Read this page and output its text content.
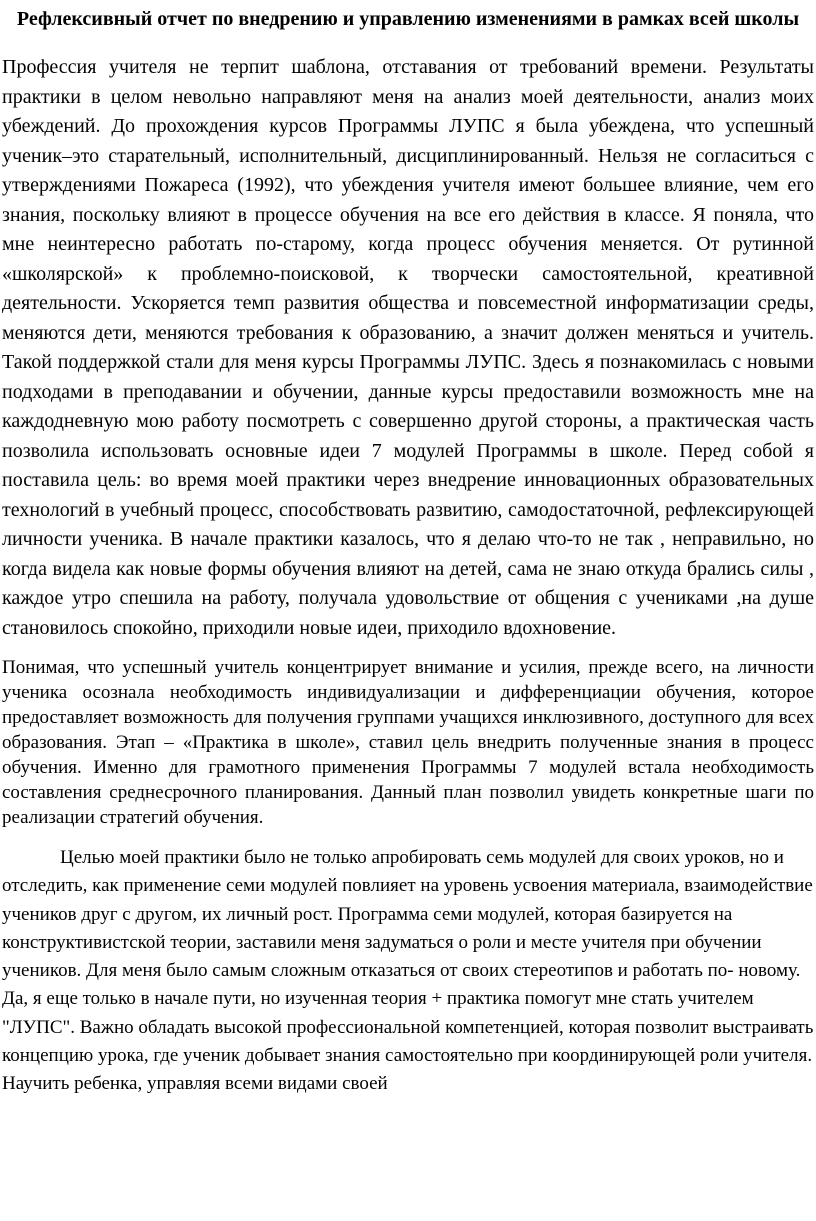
Рефлексивный отчет по внедрению и управлению изменениями в рамках всей школы

Профессия учителя не терпит шаблона, отставания от требований времени. Результаты практики в целом невольно направляют меня на анализ моей деятельности, анализ моих убеждений. До прохождения курсов Программы ЛУПС я была убеждена, что успешный ученик–это старательный, исполнительный, дисциплинированный. Нельзя не согласиться с утверждениями Пожареса (1992), что убеждения учителя имеют большее влияние, чем его знания, поскольку влияют в процессе обучения на все его действия в классе. Я поняла, что мне неинтересно работать по-старому, когда процесс обучения меняется. От рутинной «школярской» к проблемно-поисковой, к творчески самостоятельной, креативной деятельности. Ускоряется темп развития общества и повсеместной информатизации среды, меняются дети, меняются требования к образованию, а значит должен меняться и учитель. Такой поддержкой стали для меня курсы Программы ЛУПС. Здесь я познакомилась с новыми подходами в преподавании и обучении, данные курсы предоставили возможность мне на каждодневную мою работу посмотреть с совершенно другой стороны, а практическая часть позволила использовать основные идеи 7 модулей Программы в школе. Перед собой я поставила цель: во время моей практики через внедрение инновационных образовательных технологий в учебный процесс, способствовать развитию, самодостаточной, рефлексирующей личности ученика. В начале практики казалось, что я делаю что-то не так , неправильно, но когда видела как новые формы обучения влияют на детей, сама не знаю откуда брались силы , каждое утро спешила на работу, получала удовольствие от общения с учениками ,на душе становилось спокойно, приходили новые идеи, приходило вдохновение.

Понимая, что успешный учитель концентрирует внимание и усилия, прежде всего, на личности ученика осознала необходимость индивидуализации и дифференциации обучения, которое предоставляет возможность для получения группами учащихся инклюзивного, доступного для всех образования. Этап – «Практика в школе», ставил цель внедрить полученные знания в процесс обучения. Именно для грамотного применения Программы 7 модулей встала необходимость составления среднесрочного планирования. Данный план позволил увидеть конкретные шаги по реализации стратегий обучения.

Целью моей практики было не только апробировать семь модулей для своих уроков, но и отследить, как применение семи модулей повлияет на уровень усвоения материала, взаимодействие учеников друг с другом, их личный рост. Программа семи модулей, которая базируется на конструктивистской теории, заставили меня задуматься о роли и месте учителя при обучении учеников. Для меня было самым сложным отказаться от своих стереотипов и работать по- новому. Да, я еще только в начале пути, но изученная теория + практика помогут мне стать учителем "ЛУПС". Важно обладать высокой профессиональной компетенцией, которая позволит выстраивать концепцию урока, где ученик добывает знания самостоятельно при координирующей роли учителя. Научить ребенка, управляя всеми видами своей
